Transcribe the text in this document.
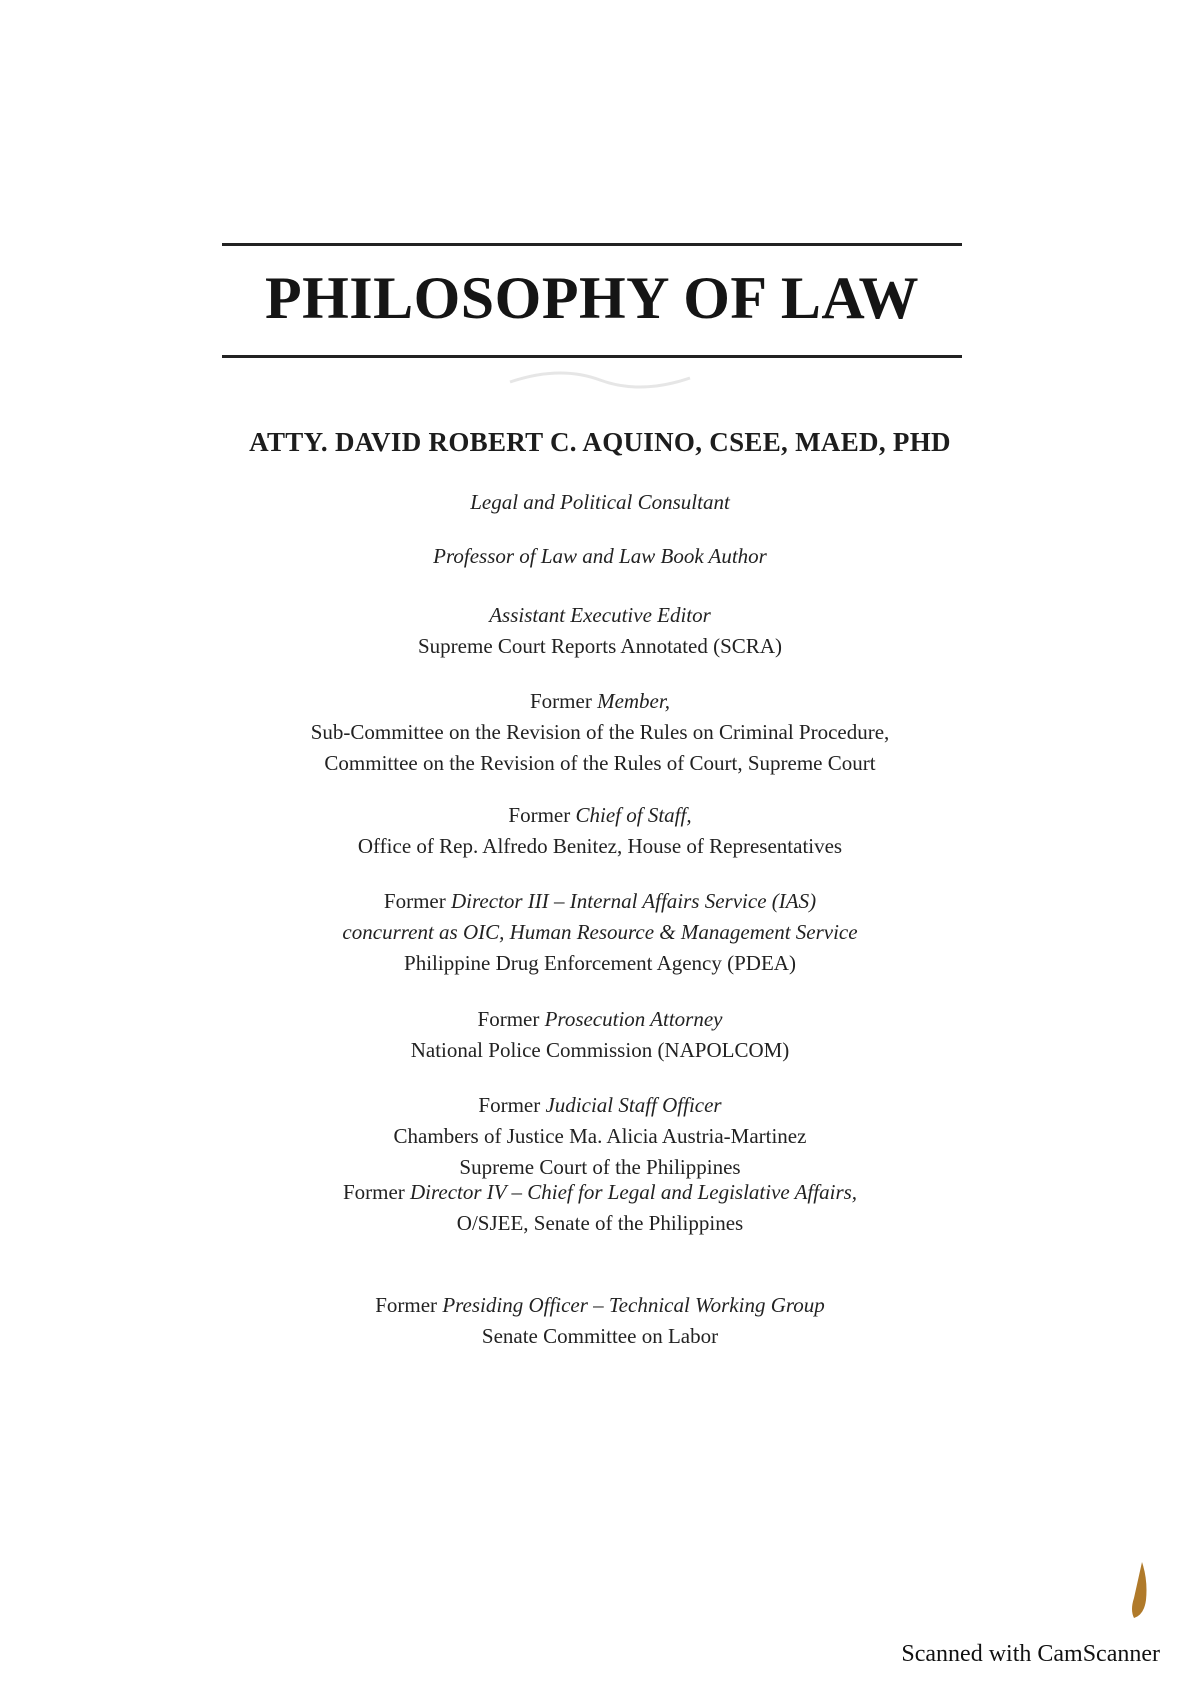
PHILOSOPHY OF LAW
ATTY. DAVID ROBERT C. AQUINO, CSEE, MAED, PHD
Legal and Political Consultant
Professor of Law and Law Book Author
Assistant Executive Editor
Supreme Court Reports Annotated (SCRA)
Former Member,
Sub-Committee on the Revision of the Rules on Criminal Procedure,
Committee on the Revision of the Rules of Court, Supreme Court
Former Chief of Staff,
Office of Rep. Alfredo Benitez, House of Representatives
Former Director III – Internal Affairs Service (IAS)
concurrent as OIC, Human Resource & Management Service
Philippine Drug Enforcement Agency (PDEA)
Former Prosecution Attorney
National Police Commission (NAPOLCOM)
Former Judicial Staff Officer
Chambers of Justice Ma. Alicia Austria-Martinez
Supreme Court of the Philippines
Former Director IV – Chief for Legal and Legislative Affairs,
O/SJEE, Senate of the Philippines
Former Presiding Officer – Technical Working Group
Senate Committee on Labor
Scanned with CamScanner
